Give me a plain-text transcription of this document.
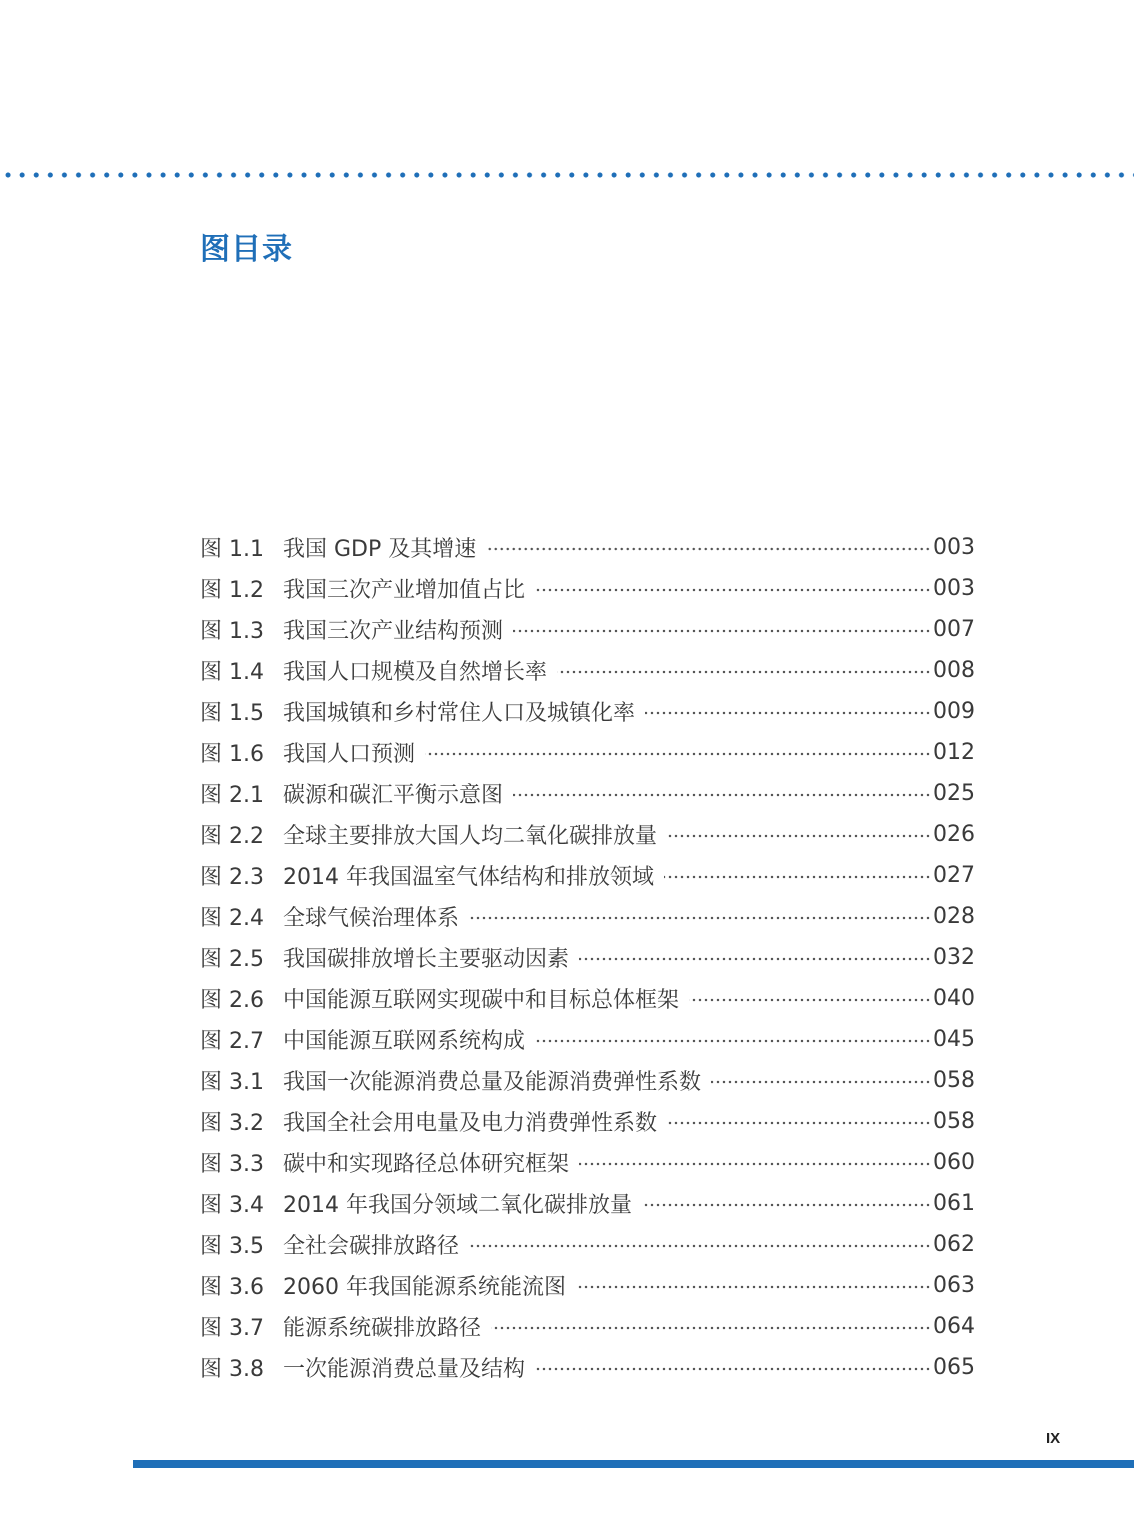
图目录
图 1.1 我国 GDP 及其增速	003
图 1.2 我国三次产业增加值占比	003
图 1.3 我国三次产业结构预测	007
图 1.4 我国人口规模及自然增长率	008
图 1.5 我国城镇和乡村常住人口及城镇化率	009
图 1.6 我国人口预测	012
图 2.1 碳源和碳汇平衡示意图	025
图 2.2 全球主要排放大国人均二氧化碳排放量	026
图 2.3 2014 年我国温室气体结构和排放领域	027
图 2.4 全球气候治理体系	028
图 2.5 我国碳排放增长主要驱动因素	032
图 2.6 中国能源互联网实现碳中和目标总体框架	040
图 2.7 中国能源互联网系统构成	045
图 3.1 我国一次能源消费总量及能源消费弹性系数	058
图 3.2 我国全社会用电量及电力消费弹性系数	058
图 3.3 碳中和实现路径总体研究框架	060
图 3.4 2014 年我国分领域二氧化碳排放量	061
图 3.5 全社会碳排放路径	062
图 3.6 2060 年我国能源系统能流图	063
图 3.7 能源系统碳排放路径	064
图 3.8 一次能源消费总量及结构	065
IX
